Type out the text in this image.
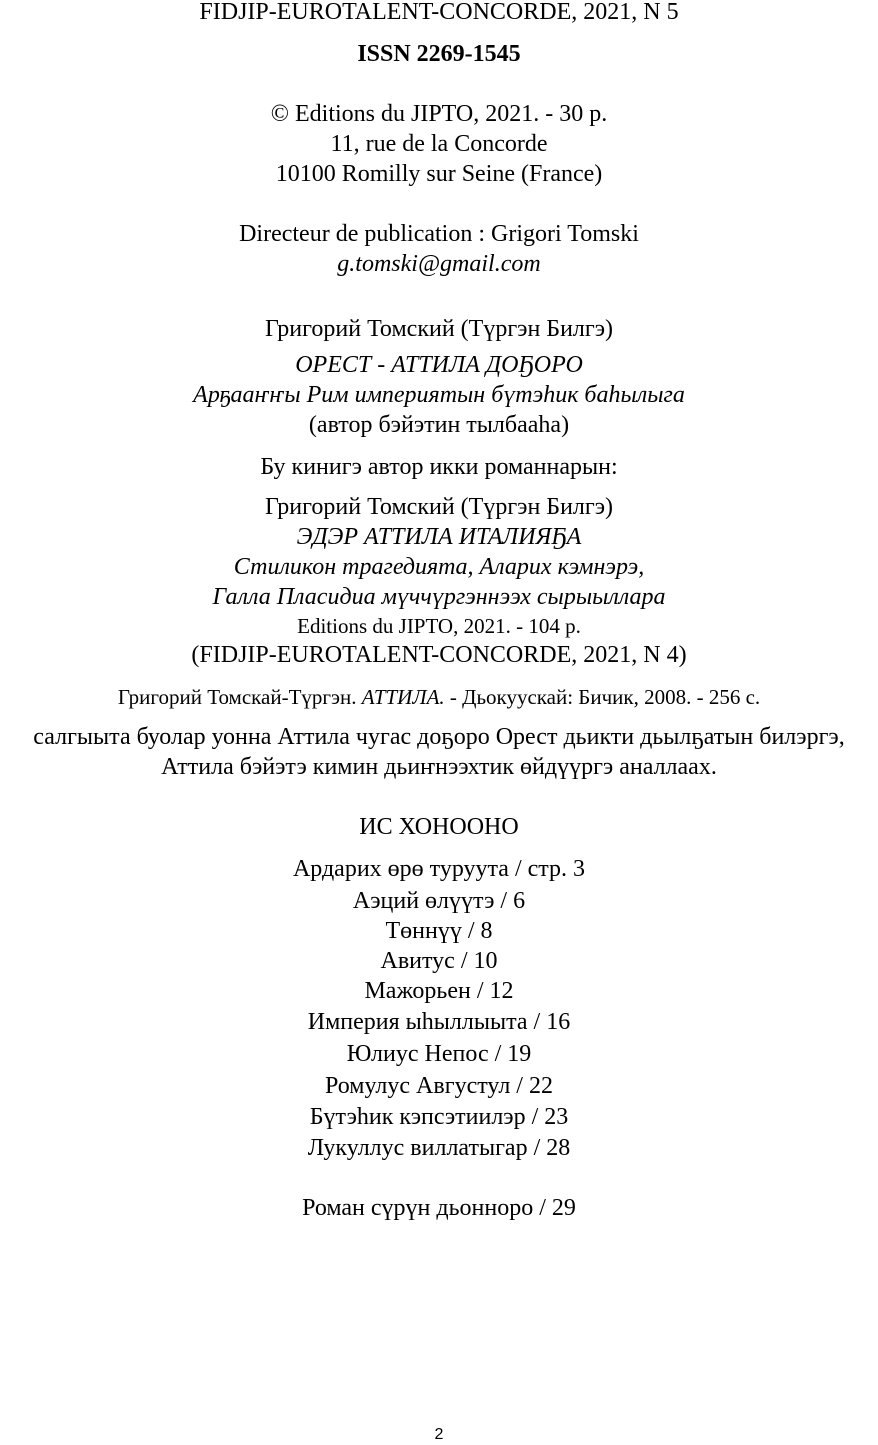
FIDJIP-EUROTALENT-CONCORDE, 2021, N 5
ISSN 2269-1545
© Editions du JIPTO, 2021. - 30 р.
11, rue de la Concorde
10100 Romilly sur Seine (France)
Directeur de publication : Grigori Tomski
g.tomski@gmail.com
Григорий Томский (Түргэн Билгэ)
ОРЕСТ - АТТИЛА ДОҔОРО
Арҕааҥҥы Рим империятын бүтэһик баһылыга
(автор бэйэтин тылбааһа)
Бу кинигэ автор икки романнарын:
Григорий Томский (Түргэн Билгэ)
ЭДЭР АТТИЛА ИТАЛИЯҔА
Стиликон трагедиятa, Аларих кэмнэрэ,
Галла Пласидиа мүччүргэннээх сырыыллара
Editions du JIPTO, 2021. - 104 р.
(FIDJIP-EUROTALENT-CONCORDE, 2021, N 4)
Григорий Томскай-Түргэн. АТТИЛА. - Дьокуускай: Бичик, 2008. - 256 с.
салгыыта буолар уонна Аттила чугас доҕоро Орест дьикти дьылҕатын билэргэ,
Аттила бэйэтэ кимин дьиҥнээхтик өйдүүргэ аналлаах.
ИС ХОНООНО
Ардарих өрө туруута / стр. 3
Аэций өлүүтэ / 6
Төннүү / 8
Авитус / 10
Мажорьен / 12
Империя ыһыллыыта / 16
Юлиус Непос / 19
Ромулус Августул / 22
Бүтэһик кэпсэтиилэр / 23
Лукуллус виллатыгар / 28
Роман сүрүн дьонноро / 29
2
